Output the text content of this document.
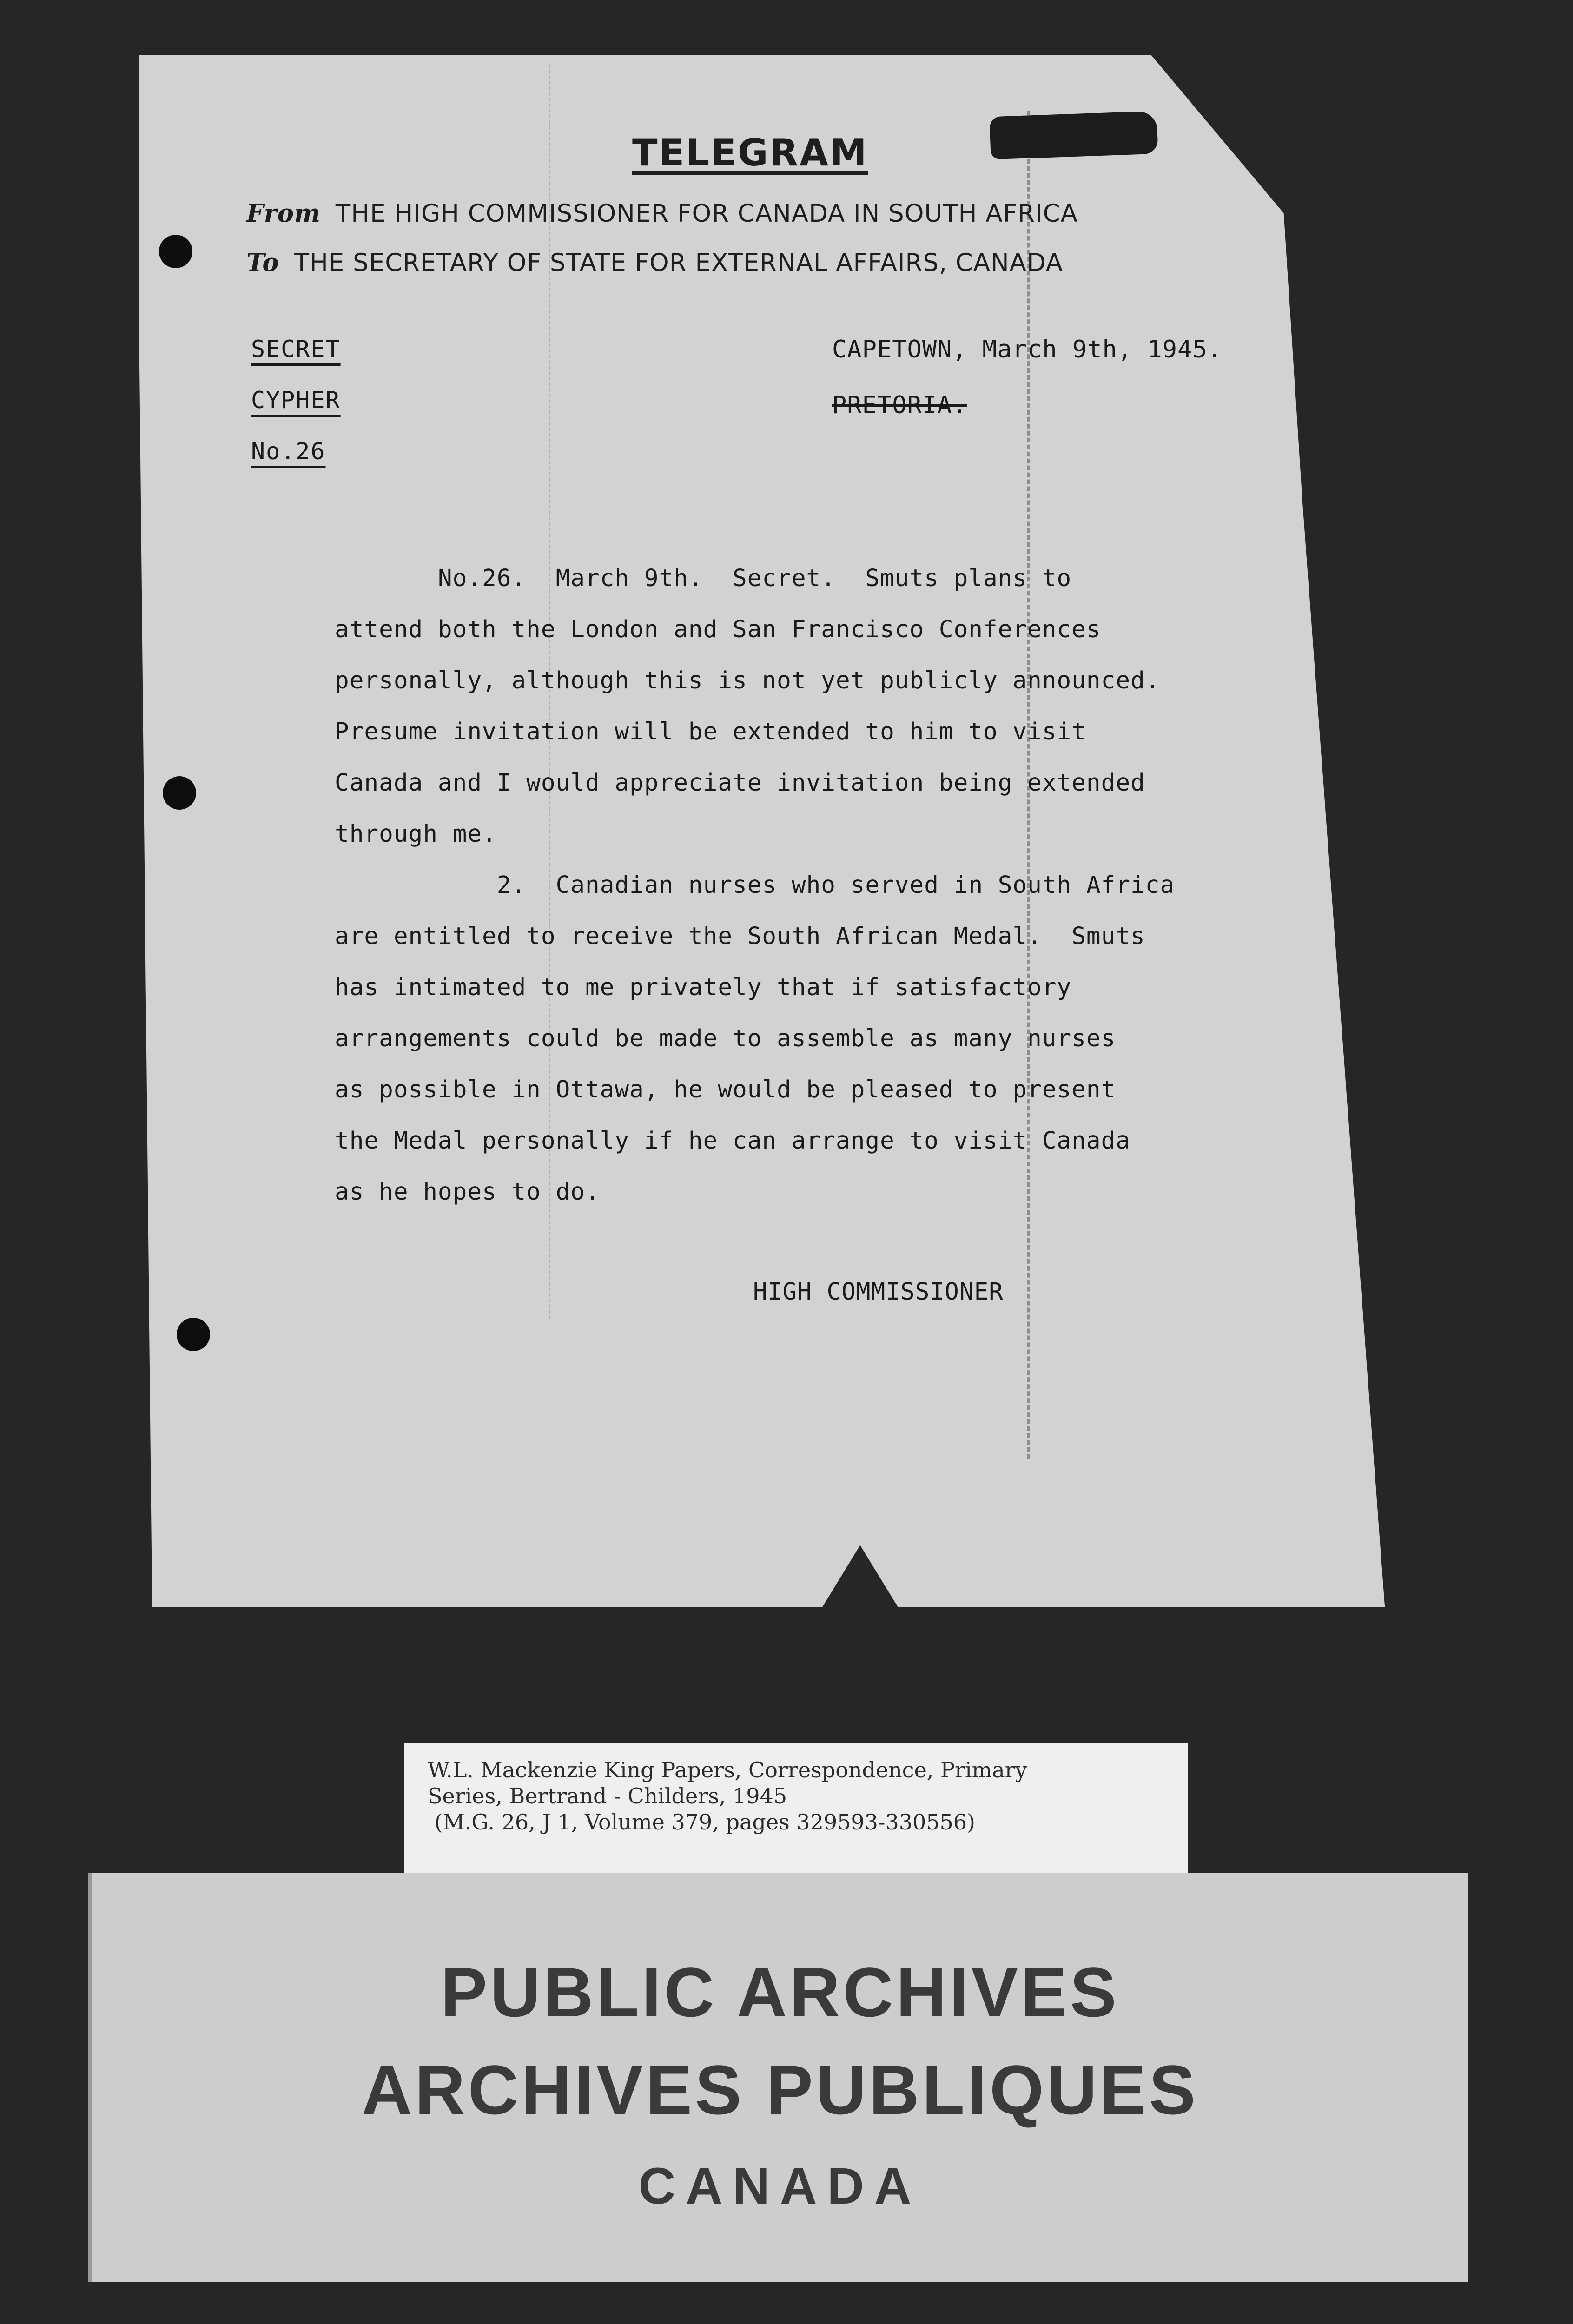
TELEGRAM
From THE HIGH COMMISSIONER FOR CANADA IN SOUTH AFRICA
To THE SECRETARY OF STATE FOR EXTERNAL AFFAIRS, CANADA
SECRET
CYPHER
No.26
CAPETOWN, March 9th, 1945.
PRETORIA.

No.26.  March 9th.  Secret.  Smuts plans to
attend both the London and San Francisco Conferences
personally, although this is not yet publicly announced.
Presume invitation will be extended to him to visit
Canada and I would appreciate invitation being extended
through me.

2.  Canadian nurses who served in South Africa
are entitled to receive the South African Medal.  Smuts
has intimated to me privately that if satisfactory
arrangements could be made to assemble as many nurses
as possible in Ottawa, he would be pleased to present
the Medal personally if he can arrange to visit Canada
as he hopes to do.

HIGH COMMISSIONER
W.L. Mackenzie King Papers, Correspondence, Primary
Series, Bertrand - Childers, 1945
(M.G. 26, J 1, Volume 379, pages 329593-330556)
PUBLIC ARCHIVES
ARCHIVES PUBLIQUES
CANADA
